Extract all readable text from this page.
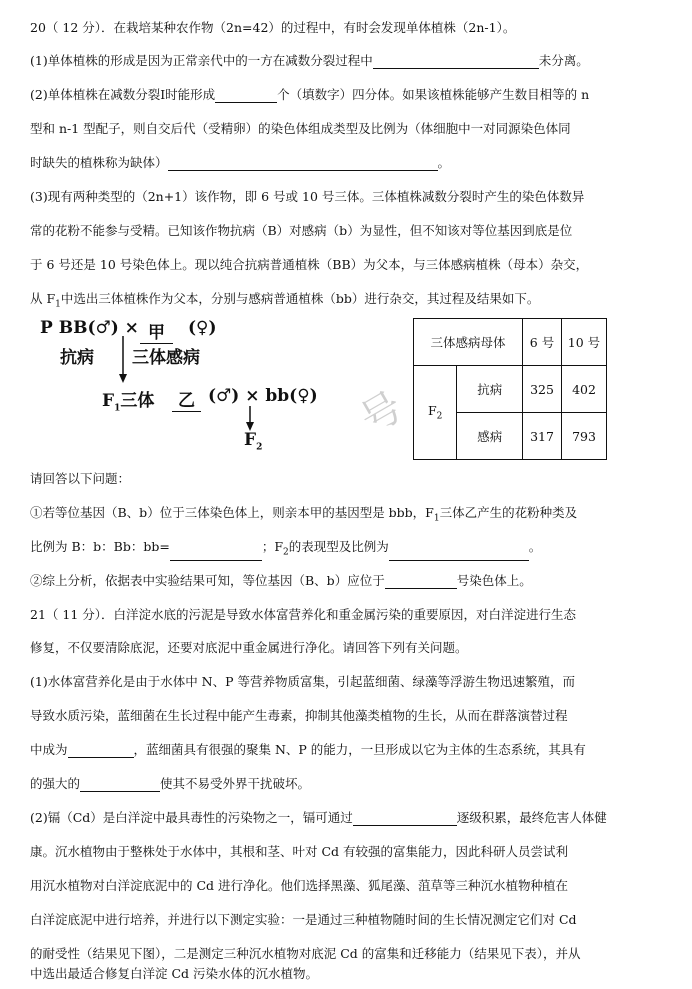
20（ 12 分）．在栽培某种农作物（2n=42）的过程中，有时会发现单体植株（2n-1）。
(1)单体植株的形成是因为正常亲代中的一方在减数分裂过程中	未分离。
(2)单体植株在减数分裂Ⅰ时能形成	个（填数字）四分体。如果该植株能够产生数目相等的 n
型和 n-1 型配子，则自交后代（受精卵）的染色体组成类型及比例为（体细胞中一对同源染色体同
时缺失的植株称为缺体）	。
(3)现有两种类型的（2n+1）该作物，即 6 号或 10 号三体。三体植株减数分裂时产生的染色体数异
常的花粉不能参与受精。已知该作物抗病（B）对感病（b）为显性，但不知该对等位基因到底是位
于 6 号还是 10 号染色体上。现以纯合抗病普通植株（BB）为父本，与三体感病植株（母本）杂交，
从 $F_1$中选出三体植株作为父本，分别与感病普通植株（bb）进行杂交，其过程及结果如下。
P BB(♂) × 甲	(♀)
抗病 三体感病
$F_1$三体	乙 (♂) × bb(♀)
$F_2$
三体感病母体		6 号	10 号
$F_2$	抗病	325	402
	感病	317	793
号
请回答以下问题：
①若等位基因（B、b）位于三体染色体上，则亲本甲的基因型是 bbb，$F_1$三体乙产生的花粉种类及
比例为 B：b：Bb：bb=	；$F_2$的表现型及比例为	。
②综上分析，依据表中实验结果可知，等位基因（B、b）应位于	号染色体上。
21（ 11 分）．白洋淀水底的污泥是导致水体富营养化和重金属污染的重要原因，对白洋淀进行生态
修复，不仅要清除底泥，还要对底泥中重金属进行净化。请回答下列有关问题。
(1)水体富营养化是由于水体中 N、P 等营养物质富集，引起蓝细菌、绿藻等浮游生物迅速繁殖，而
导致水质污染，蓝细菌在生长过程中能产生毒素，抑制其他藻类植物的生长，从而在群落演替过程
中成为	，蓝细菌具有很强的聚集 N、P 的能力，一旦形成以它为主体的生态系统，其具有
的强大的	使其不易受外界干扰破坏。
(2)镉（Cd）是白洋淀中最具毒性的污染物之一，镉可通过	逐级积累，最终危害人体健
康。沉水植物由于整株处于水体中，其根和茎、叶对 Cd 有较强的富集能力，因此科研人员尝试利
用沉水植物对白洋淀底泥中的 Cd 进行净化。他们选择黑藻、狐尾藻、菹草等三种沉水植物种植在
白洋淀底泥中进行培养，并进行以下测定实验：一是通过三种植物随时间的生长情况测定它们对 Cd
的耐受性（结果见下图），二是测定三种沉水植物对底泥 Cd 的富集和迁移能力（结果见下表），并从
中选出最适合修复白洋淀 Cd 污染水体的沉水植物。
